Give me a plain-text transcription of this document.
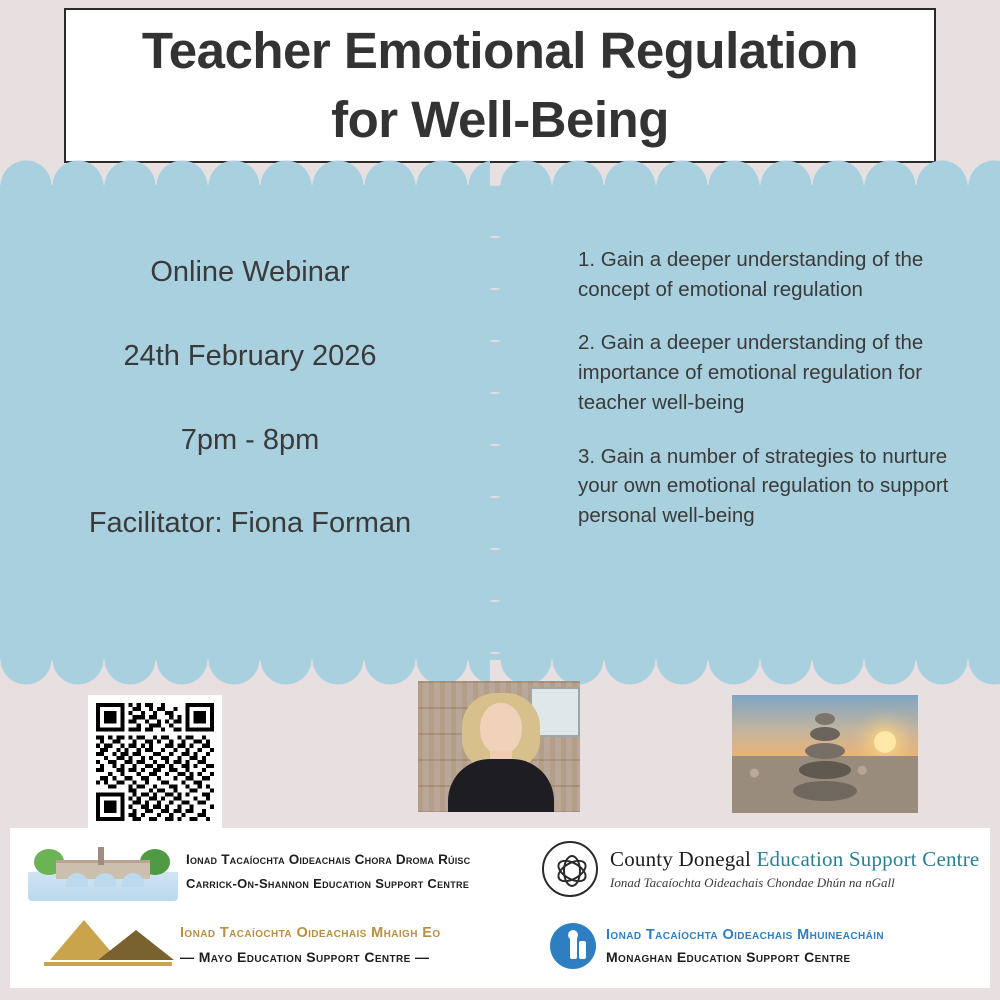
Teacher Emotional Regulation
for Well-Being
Online Webinar
24th February 2026
7pm - 8pm
Facilitator: Fiona Forman
1. Gain a deeper understanding of the concept of emotional regulation
2. Gain a deeper understanding of the importance of emotional regulation for teacher well-being
3. Gain a number of strategies to nurture your own emotional regulation to support personal well-being
Ionad Tacaíochta Oideachais Chora Droma Rúisc
Carrick-On-Shannon Education Support Centre
County Donegal Education Support Centre
Ionad Tacaíochta Oideachais Chondae Dhún na nGall
Ionad Tacaíochta Oideachais Mhaigh Eo
— Mayo Education Support Centre —
Ionad Tacaíochta Oideachais Mhuineacháin
Monaghan Education Support Centre
